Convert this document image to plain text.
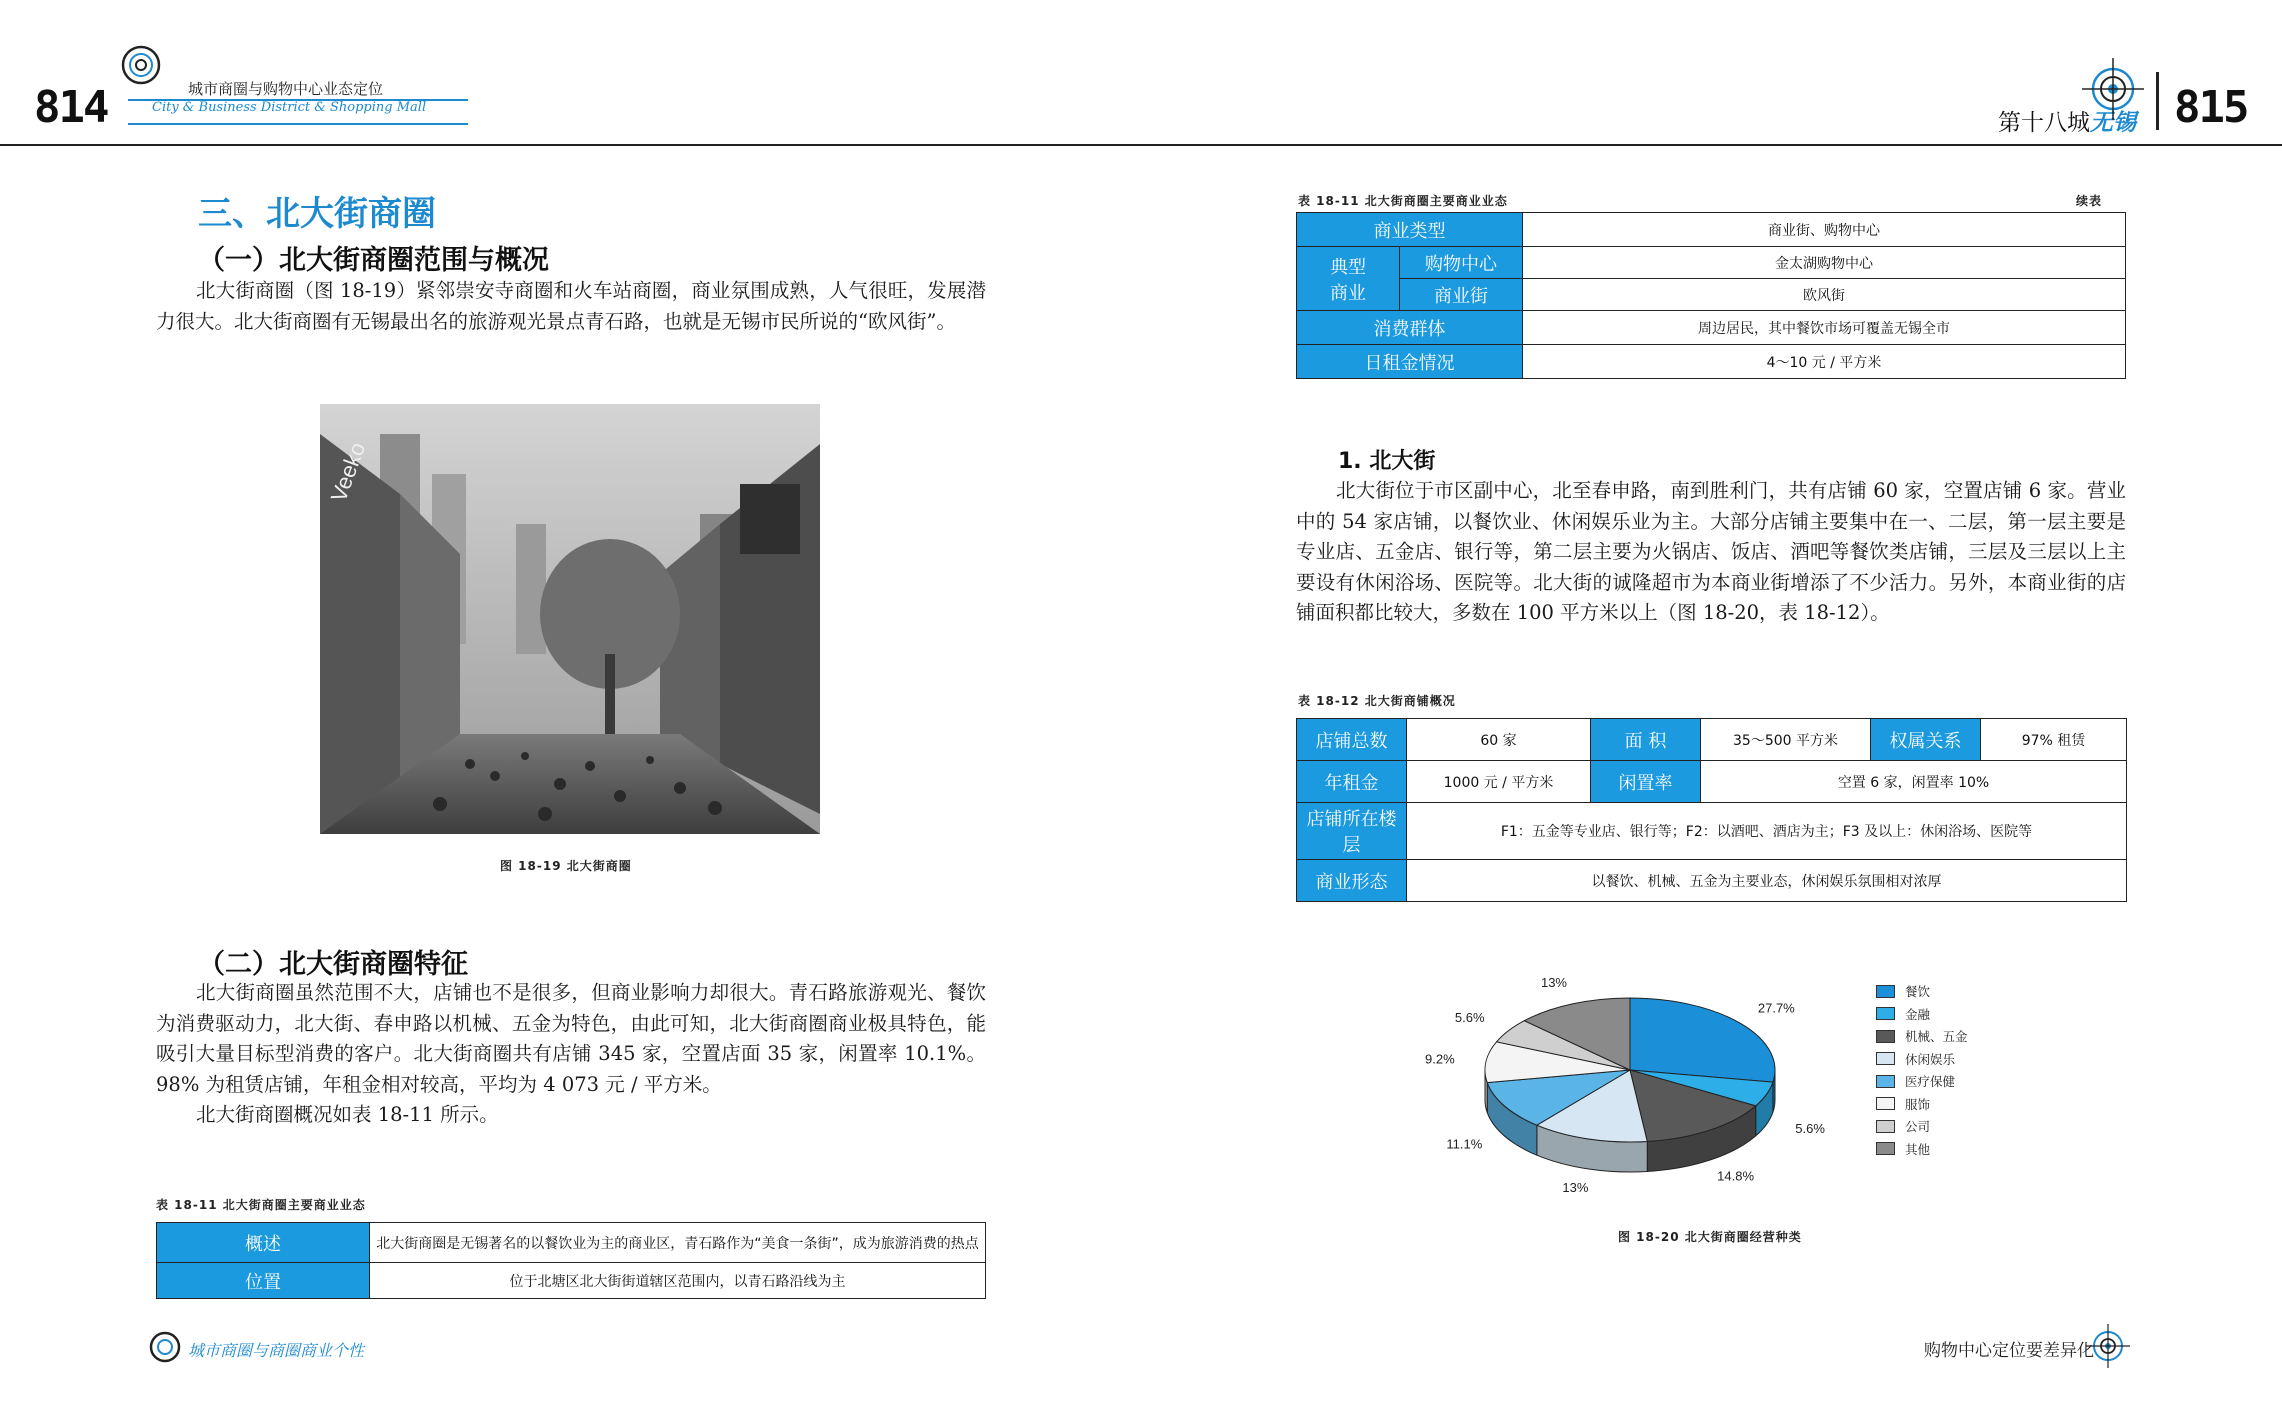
814	城市商圈与购物中心业态定位
City & Business District & Shopping Mall
第十八城无锡 815
三、北大街商圈
（一）北大街商圈范围与概况

北大街商圈（图 18-19）紧邻崇安寺商圈和火车站商圈，商业氛围成熟，人气很旺，发展潜力很大。北大街商圈有无锡最出名的旅游观光景点青石路，也就是无锡市民所说的“欧风街”。

Veeko
图 18-19 北大街商圈
（二）北大街商圈特征

北大街商圈虽然范围不大，店铺也不是很多，但商业影响力却很大。青石路旅游观光、餐饮为消费驱动力，北大街、春申路以机械、五金为特色，由此可知，北大街商圈商业极具特色，能吸引大量目标型消费的客户。北大街商圈共有店铺 345 家，空置店面 35 家，闲置率 10.1%。98% 为租赁店铺，年租金相对较高，平均为 4 073 元 / 平方米。

北大街商圈概况如表 18-11 所示。

表 18-11 北大街商圈主要商业业态
概述	北大街商圈是无锡著名的以餐饮业为主的商业区，青石路作为“美食一条街”，成为旅游消费的热点
位置	位于北塘区北大街街道辖区范围内，以青石路沿线为主
城市商圈与商圈商业个性
表 18-11 北大街商圈主要商业业态	续表
商业类型		商业街、购物中心
典型
商业	购物中心	金太湖购物中心
	商业街	欧风街
消费群体		周边居民，其中餐饮市场可覆盖无锡全市
日租金情况		4～10 元 / 平方米
1. 北大街

北大街位于市区副中心，北至春申路，南到胜利门，共有店铺 60 家，空置店铺 6 家。营业中的 54 家店铺，以餐饮业、休闲娱乐业为主。大部分店铺主要集中在一、二层，第一层主要是专业店、五金店、银行等，第二层主要为火锅店、饭店、酒吧等餐饮类店铺，三层及三层以上主要设有休闲浴场、医院等。北大街的诚隆超市为本商业街增添了不少活力。另外，本商业街的店铺面积都比较大，多数在 100 平方米以上（图 18-20，表 18-12）。

表 18-12 北大街商铺概况
店铺总数	60 家	面 积	35～500 平方米	权属关系	97% 租赁
年租金	1000 元 / 平方米	闲置率	空置 6 家，闲置率 10%		
店铺所在楼层	F1：五金等专业店、银行等；F2：以酒吧、酒店为主；F3 及以上：休闲浴场、医院等				
商业形态	以餐饮、机械、五金为主要业态，休闲娱乐氛围相对浓厚				
27.7%
5.6%
14.8%
13%
11.1%
9.2%
5.6%
13%
餐饮
金融
机械、五金
休闲娱乐
医疗保健
服饰
公司
其他
图 18-20 北大街商圈经营种类
购物中心定位要差异化
